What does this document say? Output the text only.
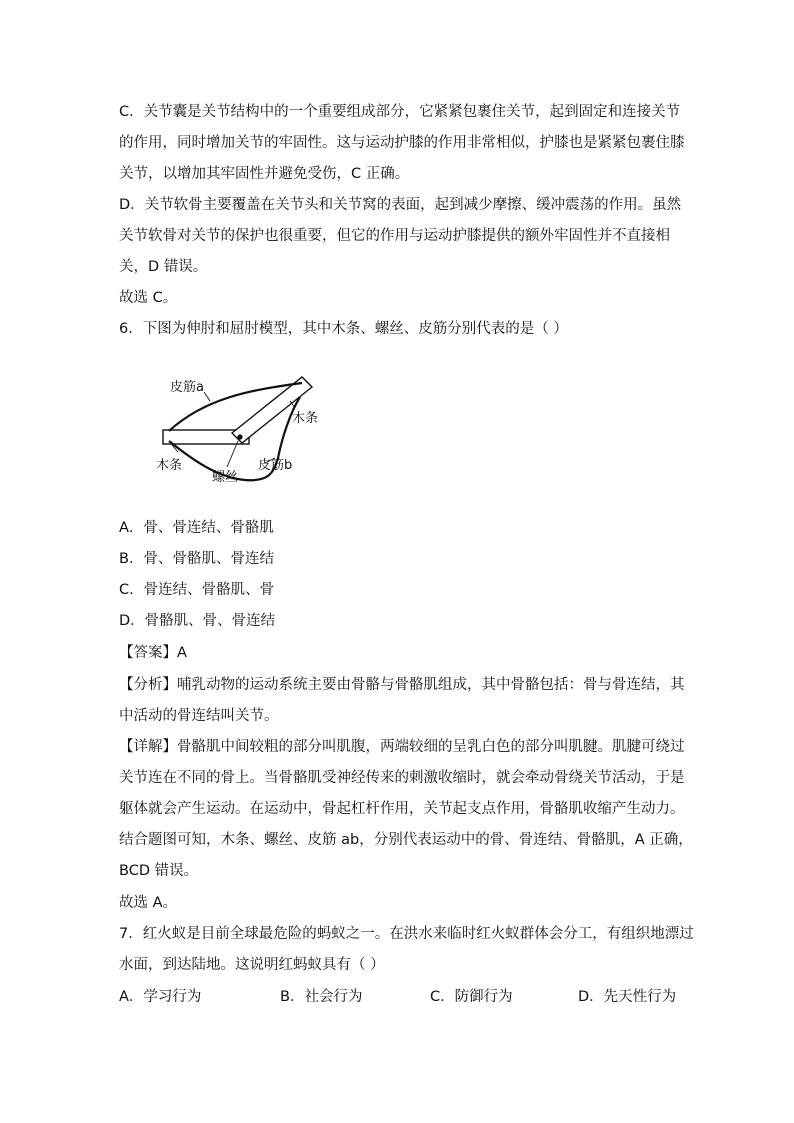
C．关节囊是关节结构中的一个重要组成部分，它紧紧包裹住关节，起到固定和连接关节
的作用，同时增加关节的牢固性。这与运动护膝的作用非常相似，护膝也是紧紧包裹住膝
关节，以增加其牢固性并避免受伤，C 正确。
D．关节软骨主要覆盖在关节头和关节窝的表面，起到减少摩擦、缓冲震荡的作用。虽然
关节软骨对关节的保护也很重要，但它的作用与运动护膝提供的额外牢固性并不直接相
关，D 错误。
故选 C。
6．下图为伸肘和屈肘模型，其中木条、螺丝、皮筋分别代表的是（ ）
皮筋a
木条
木条	皮筋b
螺丝
A．骨、骨连结、骨骼肌
B．骨、骨骼肌、骨连结
C．骨连结、骨骼肌、骨
D．骨骼肌、骨、骨连结
【答案】A
【分析】哺乳动物的运动系统主要由骨骼与骨骼肌组成，其中骨骼包括：骨与骨连结，其
中活动的骨连结叫关节。
【详解】骨骼肌中间较粗的部分叫肌腹，两端较细的呈乳白色的部分叫肌腱。肌腱可绕过
关节连在不同的骨上。当骨骼肌受神经传来的刺激收缩时，就会牵动骨绕关节活动，于是
躯体就会产生运动。在运动中，骨起杠杆作用，关节起支点作用，骨骼肌收缩产生动力。
结合题图可知，木条、螺丝、皮筋 ab，分别代表运动中的骨、骨连结、骨骼肌，A 正确，
BCD 错误。
故选 A。
7．红火蚁是目前全球最危险的蚂蚁之一。在洪水来临时红火蚁群体会分工，有组织地漂过
水面，到达陆地。这说明红蚂蚁具有（ ）
A．学习行为	B．社会行为	C．防御行为	D．先天性行为
